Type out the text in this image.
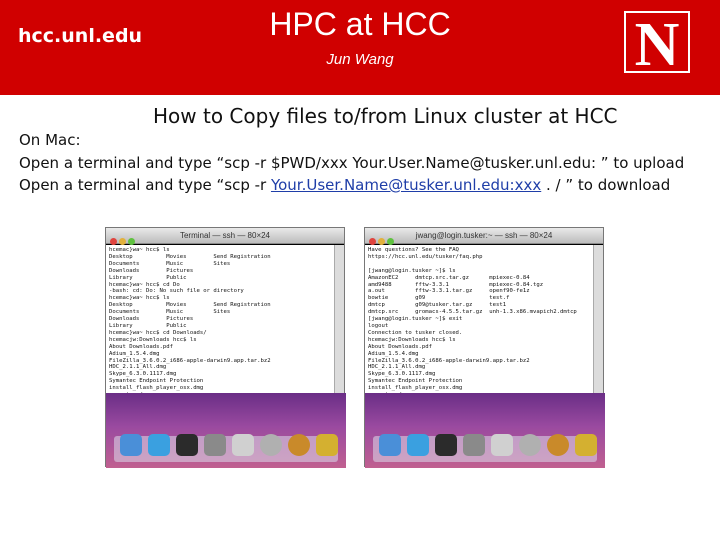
hcc.unl.edu	HPC at HCC
Jun Wang	N
How to Copy files to/from Linux cluster at HCC
On Mac:
Open a terminal and type “scp -r $PWD/xxx Your.User.Name@tusker.unl.edu: ” to upload
Open a terminal and type “scp -r Your.User.Name@tusker.unl.edu:xxx . / ” to download
Terminal — ssh — 80×24
hcemac}wa~ hcc$ ls
Desktop          Movies        Send Registration
Documents        Music         Sites
Downloads        Pictures
Library          Public
hcemac}wa~ hcc$ cd Do
-bash: cd: Do: No such file or directory
hcemac}wa~ hcc$ ls
Desktop          Movies        Send Registration
Documents        Music         Sites
Downloads        Pictures
Library          Public
hcemac}wa~ hcc$ cd Downloads/
hcemacjw:Downloads hcc$ ls
About Downloads.pdf
Adium_1.5.4.dmg
FileZilla_3.6.0.2_i686-apple-darwin9.app.tar.bz2
HDC_2.1.1_All.dmg
Skype_6.3.0.1117.dmg
Symantec Endpoint Protection
install_flash_player_osx.dmg
jwang@login.tusker:~ — ssh — 80×24
Have questions? See the FAQ
https://hcc.unl.edu/tusker/faq.php

[jwang@login.tusker ~]$ ls
AmazonEC2     dmtcp.src.tar.gz      mpiexec-0.84
amd9488       fftw-3.3.1            mpiexec-0.84.tgz
a.out         fftw-3.3.1.tar.gz     openf90-fe1z
bowtie        g09                   test.f
dmtcp         g09@tusker.tar.gz     test1
dmtcp.src     gromacs-4.5.5.tar.gz  unh-1.3.x86.mvapich2.dmtcp
[jwang@login.tusker ~]$ exit
logout
Connection to tusker closed.
hcemacjw:Downloads hcc$ ls
About Downloads.pdf
Adium_1.5.4.dmg
FileZilla_3.6.0.2_i686-apple-darwin9.app.tar.bz2
HDC_2.1.1_All.dmg
Skype_6.3.0.1117.dmg
Symantec Endpoint Protection
install_flash_player_osx.dmg
